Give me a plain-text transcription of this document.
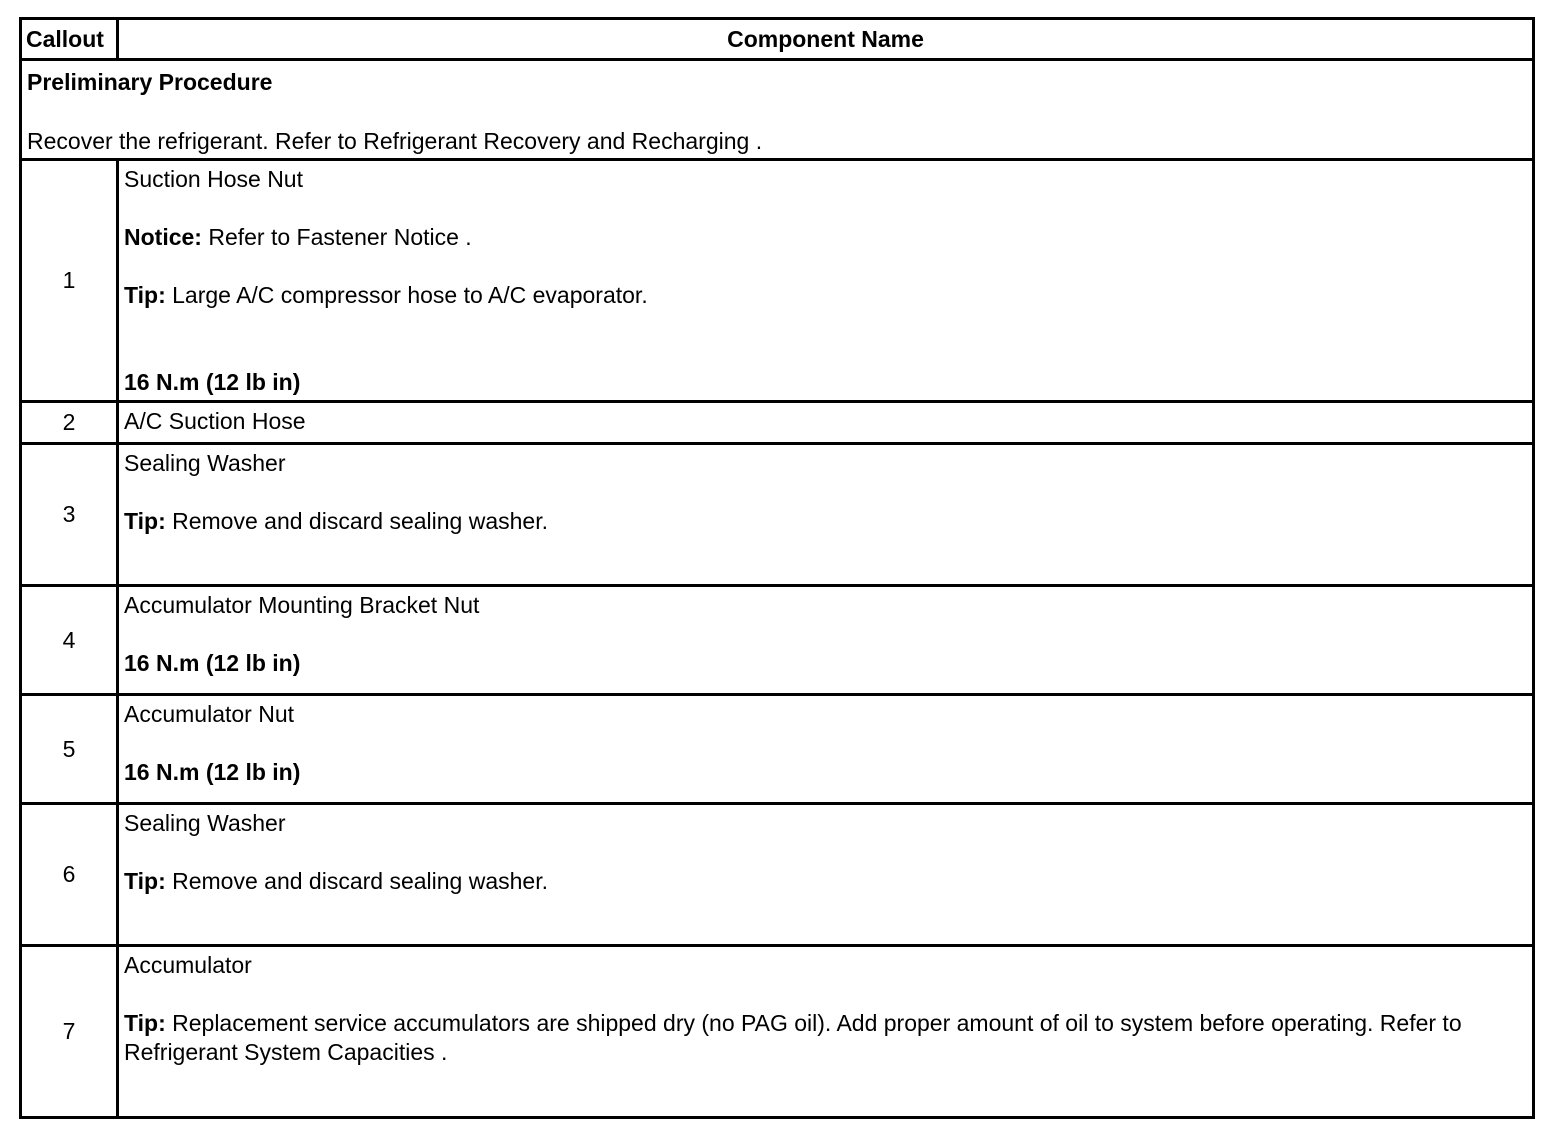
Callout	Component Name

Preliminary Procedure

Recover the refrigerant. Refer to Refrigerant Recovery and Recharging .	

1	Suction Hose Nut

Notice: Refer to Fastener Notice .

Tip: Large A/C compressor hose to A/C evaporator.

16 N.m (12 lb in)

2	A/C Suction Hose

3	Sealing Washer

Tip: Remove and discard sealing washer.

4	Accumulator Mounting Bracket Nut

16 N.m (12 lb in)

5	Accumulator Nut

16 N.m (12 lb in)

6	Sealing Washer

Tip: Remove and discard sealing washer.

7	Accumulator

Tip: Replacement service accumulators are shipped dry (no PAG oil). Add proper amount of oil to system before operating. Refer to Refrigerant System Capacities .
